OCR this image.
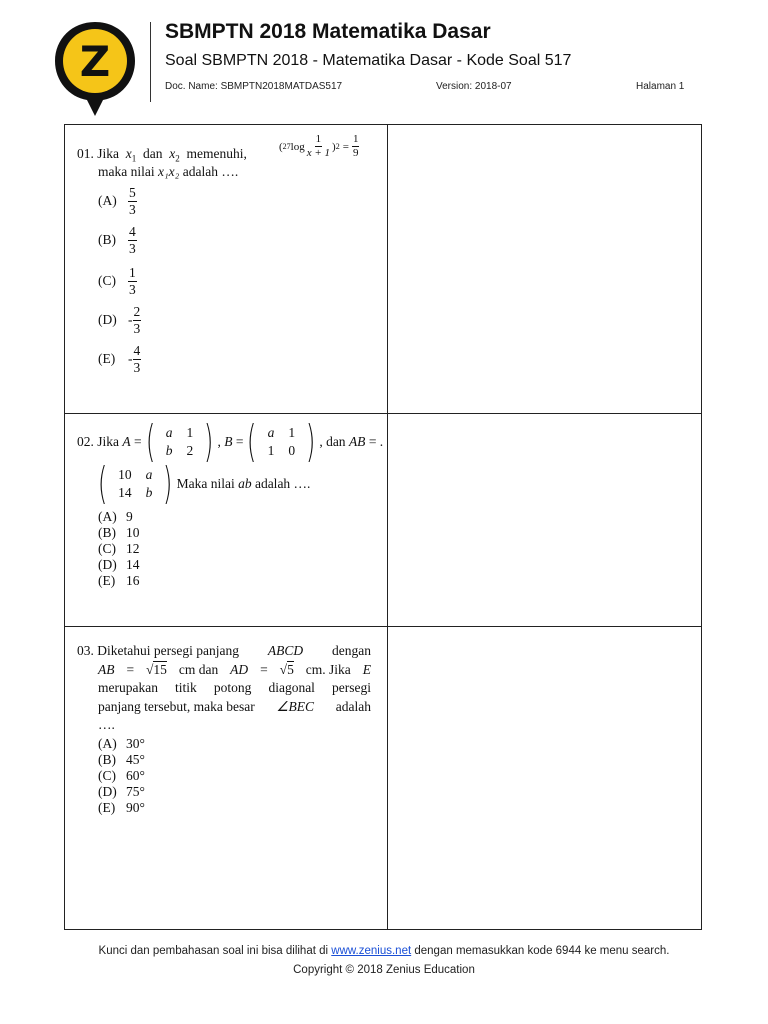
Z
SBMPTN 2018 Matematika Dasar
Soal SBMPTN 2018 - Matematika Dasar - Kode Soal 517
Doc. Name: SBMPTN2018MATDAS517	Version: 2018-07	Halaman 1
01. Jika $x_1$ dan $x_2$ memenuhi,	( 27 $\log \frac{1}{x + 1}$ ) $2 = \frac{1}{9}$
maka nilai x₁x₂ adalah ….
$(A) \frac{5}{3}$
$(B) \frac{4}{3}$
$(C) \frac{1}{3}$
$(D) - \frac{2}{3}$
$(E) - \frac{4}{3}$
02.
Jika
A
= ( a	1
b	2 ) , B
= ( a	1
1	0 ) , dan
AB
= .
( 10	a
14	b ) Maka nilai
ab
adalah ….
(A) 9
(B) 10
(C) 12
(D) 14
(E) 16
03. Diketahui persegi panjang ABCD dengan
AB = √15 cm dan AD = √5 cm. Jika E
merupakan titik potong diagonal persegi
panjang tersebut, maka besar ∠BEC adalah
….
(A) 30°
(B) 45°
(C) 60°
(D) 75°
(E) 90°
Kunci dan pembahasan soal ini bisa dilihat di www.zenius.net dengan memasukkan kode 6944 ke menu search.
Copyright © 2018 Zenius Education
